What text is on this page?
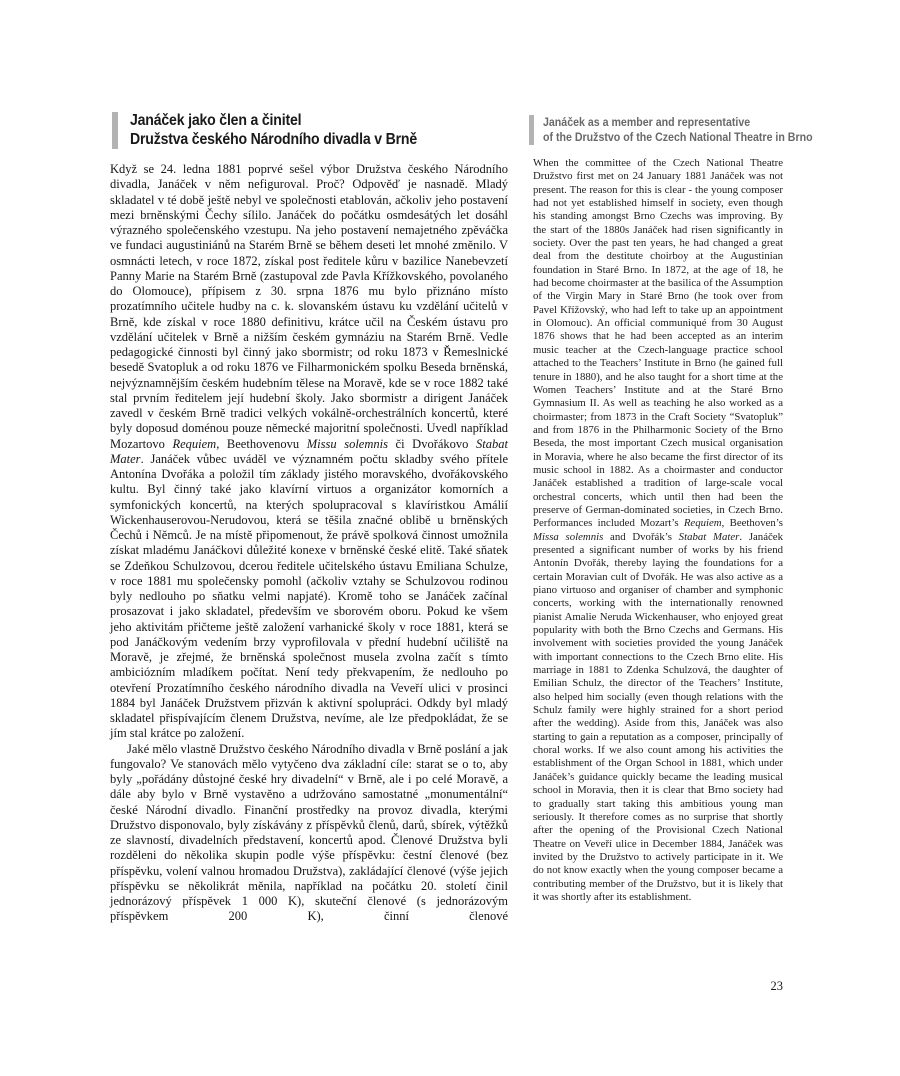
Janáček jako člen a činitel
Družstva českého Národního divadla v Brně
Janáček as a member and representative
of the Družstvo of the Czech National Theatre in Brno

Když se 24. ledna 1881 poprvé sešel výbor Družstva českého Národního divadla, Janáček v něm nefiguroval. Proč? Odpověď je nasnadě. Mladý skladatel v té době ještě nebyl ve společnosti etablován, ačkoliv jeho postavení mezi brněnskými Čechy sílilo. Janáček do počátku osmdesátých let dosáhl výrazného společenského vzestupu. Na jeho postavení nemajetného zpěváčka ve fundaci augustiniánů na Starém Brně se během deseti let mnohé změnilo. V osmnácti letech, v roce 1872, získal post ředitele kůru v bazilice Nanebevzetí Panny Marie na Starém Brně (zastupoval zde Pavla Křížkovského, povolaného do Olomouce), přípisem z 30. srpna 1876 mu bylo přiznáno místo prozatímního učitele hudby na c. k. slovanském ústavu ku vzdělání učitelů v Brně, kde získal v roce 1880 definitivu, krátce učil na Českém ústavu pro vzdělání učitelek v Brně a nižším českém gymnáziu na Starém Brně. Vedle pedagogické činnosti byl činný jako sbormistr; od roku 1873 v Řemeslnické besedě Svatopluk a od roku 1876 ve Filharmonickém spolku Beseda brněnská, nejvýznamnějším českém hudebním tělese na Moravě, kde se v roce 1882 také stal prvním ředitelem její hudební školy. Jako sbormistr a dirigent Janáček zavedl v českém Brně tradici velkých vokálně-orchestrálních koncertů, které byly doposud doménou pouze německé majoritní společnosti. Uvedl například Mozartovo Requiem, Beethovenovu Missu solemnis či Dvořákovo Stabat Mater. Janáček vůbec uváděl ve významném počtu skladby svého přítele Antonína Dvořáka a položil tím základy jistého moravského, dvořákovského kultu. Byl činný také jako klavírní virtuos a organizátor komorních a symfonických koncertů, na kterých spolupracoval s klavíristkou Amálií Wickenhauserovou-Nerudovou, která se těšila značné oblibě u brněnských Čechů i Němců. Je na místě připomenout, že právě spolková činnost umožnila získat mladému Janáčkovi důležité konexe v brněnské české elitě. Také sňatek se Zdeňkou Schulzovou, dcerou ředitele učitelského ústavu Emiliana Schulze, v roce 1881 mu společensky pomohl (ačkoliv vztahy se Schulzovou rodinou byly nedlouho po sňatku velmi napjaté). Kromě toho se Janáček začínal prosazovat i jako skladatel, především ve sborovém oboru. Pokud ke všem jeho aktivitám přičteme ještě založení varhanické školy v roce 1881, která se pod Janáčkovým vedením brzy vyprofilovala v přední hudební učiliště na Moravě, je zřejmé, že brněnská společnost musela zvolna začít s tímto ambiciózním mladíkem počítat. Není tedy překvapením, že nedlouho po otevření Prozatímního českého národního divadla na Veveří ulici v prosinci 1884 byl Janáček Družstvem přizván k aktivní spolupráci. Odkdy byl mladý skladatel přispívajícím členem Družstva, nevíme, ale lze předpokládat, že se jím stal krátce po založení.

Jaké mělo vlastně Družstvo českého Národního divadla v Brně poslání a jak fungovalo? Ve stanovách mělo vytyčeno dva základní cíle: starat se o to, aby byly „pořádány důstojné české hry divadelní“ v Brně, ale i po celé Moravě, a dále aby bylo v Brně vystavěno a udržováno samostatné „monumentální“ české Národní divadlo. Finanční prostředky na provoz divadla, kterými Družstvo disponovalo, byly získávány z příspěvků členů, darů, sbírek, výtěžků ze slavností, divadelních představení, koncertů apod. Členové Družstva byli rozděleni do několika skupin podle výše příspěvku: čestní členové (bez příspěvku, volení valnou hromadou Družstva), zakládající členové (výše jejich příspěvku se několikrát měnila, například na počátku 20. století činil jednorázový příspěvek 1 000 K), skuteční členové (s jednorázovým příspěvkem 200 K), činní členové

When the committee of the Czech National Theatre Družstvo first met on 24 January 1881 Janáček was not present. The reason for this is clear - the young composer had not yet established himself in society, even though his standing amongst Brno Czechs was improving. By the start of the 1880s Janáček had risen significantly in society. Over the past ten years, he had changed a great deal from the destitute choirboy at the Augustinian foundation in Staré Brno. In 1872, at the age of 18, he had become choirmaster at the basilica of the Assumption of the Virgin Mary in Staré Brno (he took over from Pavel Křížovský, who had left to take up an appointment in Olomouc). An official communiqué from 30 August 1876 shows that he had been accepted as an interim music teacher at the Czech-language practice school attached to the Teachers’ Institute in Brno (he gained full tenure in 1880), and he also taught for a short time at the Women Teachers’ Institute and at the Staré Brno Gymnasium II. As well as teaching he also worked as a choirmaster; from 1873 in the Craft Society “Svatopluk” and from 1876 in the Philharmonic Society of the Brno Beseda, the most important Czech musical organisation in Moravia, where he also became the first director of its music school in 1882. As a choirmaster and conductor Janáček established a tradition of large-scale vocal orchestral concerts, which until then had been the preserve of German-dominated societies, in Czech Brno. Performances included Mozart’s Requiem, Beethoven’s Missa solemnis and Dvořák’s Stabat Mater. Janáček presented a significant number of works by his friend Antonín Dvořák, thereby laying the foundations for a certain Moravian cult of Dvořák. He was also active as a piano virtuoso and organiser of chamber and symphonic concerts, working with the internationally renowned pianist Amalie Neruda Wickenhauser, who enjoyed great popularity with both the Brno Czechs and Germans. His involvement with societies provided the young Janáček with important connections to the Czech Brno elite. His marriage in 1881 to Zdenka Schulzová, the daughter of Emilian Schulz, the director of the Teachers’ Institute, also helped him socially (even though relations with the Schulz family were highly strained for a short period after the wedding). Aside from this, Janáček was also starting to gain a reputation as a composer, principally of choral works. If we also count among his activities the establishment of the Organ School in 1881, which under Janáček’s guidance quickly became the leading musical school in Moravia, then it is clear that Brno society had to gradually start taking this ambitious young man seriously. It therefore comes as no surprise that shortly after the opening of the Provisional Czech National Theatre on Veveří ulice in December 1884, Janáček was invited by the Družstvo to actively participate in it. We do not know exactly when the young composer became a contributing member of the Družstvo, but it is likely that it was shortly after its establishment.

23
